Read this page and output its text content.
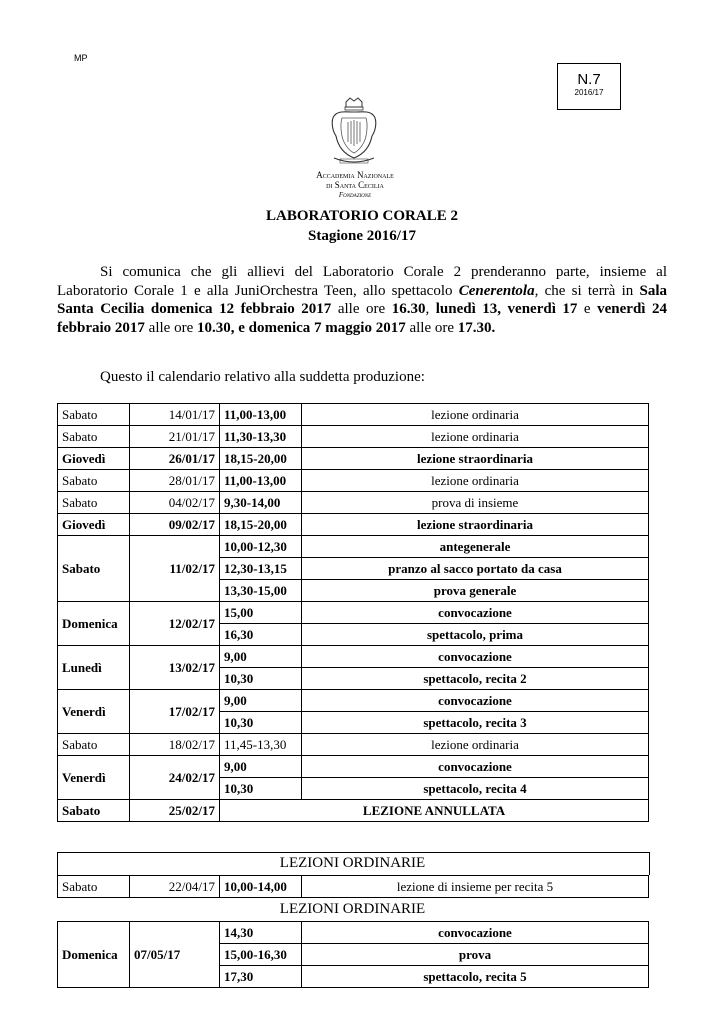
MP
N.7
2016/17
Accademia Nazionale
di Santa Cecilia
Fondazione
LABORATORIO CORALE 2
Stagione 2016/17
Si comunica che gli allievi del Laboratorio Corale 2 prenderanno parte, insieme al Laboratorio Corale 1 e alla JuniOrchestra Teen, allo spettacolo Cenerentola, che si terrà in Sala Santa Cecilia domenica 12 febbraio 2017 alle ore 16.30, lunedì 13, venerdì 17 e venerdì 24 febbraio 2017 alle ore 10.30, e domenica 7 maggio 2017 alle ore 17.30.
Questo il calendario relativo alla suddetta produzione:
Sabato	14/01/17	11,00-13,00	lezione ordinaria
Sabato	21/01/17	11,30-13,30	lezione ordinaria
Giovedì	26/01/17	18,15-20,00	lezione straordinaria
Sabato	28/01/17	11,00-13,00	lezione ordinaria
Sabato	04/02/17	9,30-14,00	prova di insieme
Giovedì	09/02/17	18,15-20,00	lezione straordinaria
Sabato	11/02/17	10,00-12,30	antegenerale
		12,30-13,15	pranzo al sacco portato da casa
		13,30-15,00	prova generale
Domenica	12/02/17	15,00	convocazione
		16,30	spettacolo, prima
Lunedì	13/02/17	9,00	convocazione
		10,30	spettacolo, recita 2
Venerdì	17/02/17	9,00	convocazione
		10,30	spettacolo, recita 3
Sabato	18/02/17	11,45-13,30	lezione ordinaria
Venerdì	24/02/17	9,00	convocazione
		10,30	spettacolo, recita 4
Sabato	25/02/17	LEZIONE ANNULLATA	
LEZIONI ORDINARIE
Sabato	22/04/17	10,00-14,00	lezione di insieme per recita 5
LEZIONI ORDINARIE
Domenica	07/05/17	14,30	convocazione
		15,00-16,30	prova
		17,30	spettacolo, recita 5
